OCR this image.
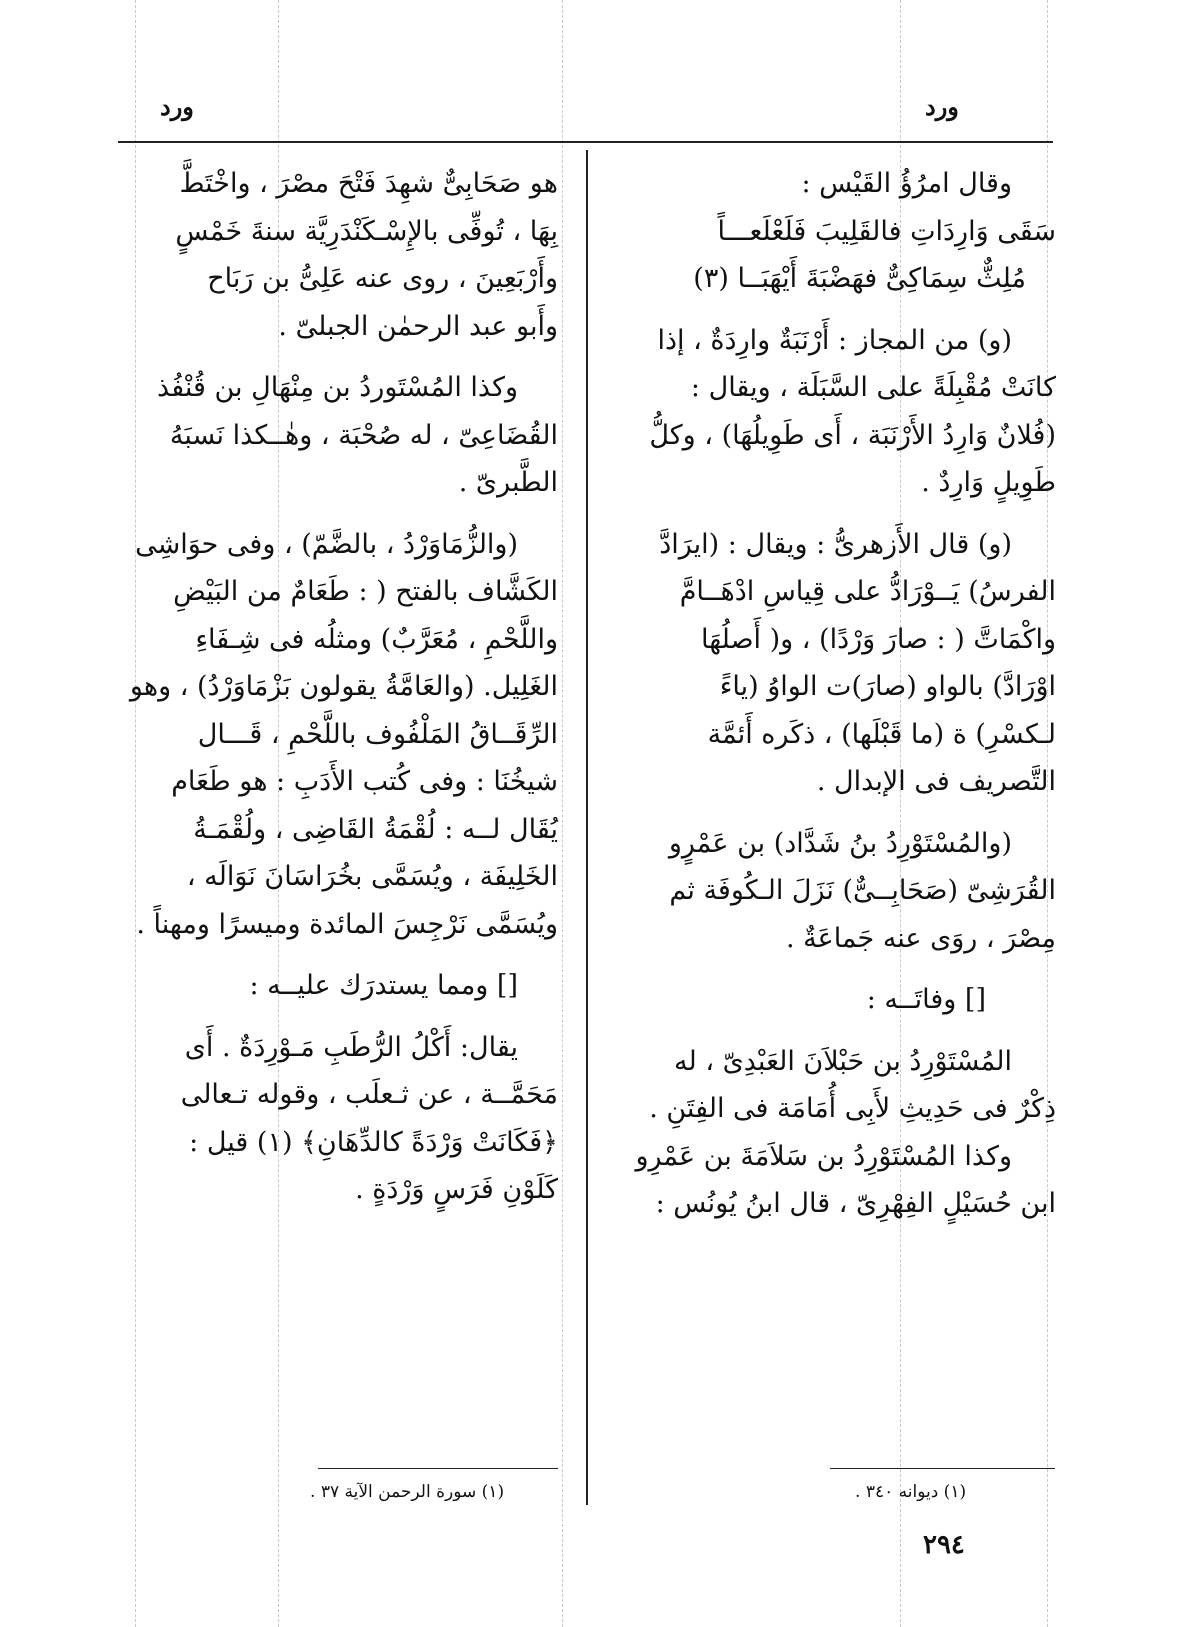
ورد
ورد

وقال امرُؤُ القَيْس :

سَقَى وَارِدَاتِ فالقَلِيبَ فَلَعْلَعـــاً

مُلِثٌّ سِمَاكِىٌّ فهَضْبَةَ أَيْهَبَــا (٣)

(و) من المجاز : أَرْنَبَةٌ وارِدَةٌ ، إذا

كانَتْ مُقْبِلَةً على السَّبَلَة ، ويقال :

(فُلانٌ وَارِدُ الأَرْنَبَة ، أَى طَوِيلُهَا) ، وكلُّ

طَوِيلٍ وَارِدٌ .

(و) قال الأَزهرىُّ : ويقال : (ايرَادَّ

الفرسُ) يَــوْرَادُّ على قِياسِ ادْهَــامَّ

واكْمَاتَّ ( : صارَ وَرْدًا) ، و( أَصلُهَا

اوْرَادَّ) بالواو (صارَ)ت الواوُ (ياءً

لـكسْرِ) ة (ما قَبْلَها) ، ذكَره أَئمَّة

التَّصريف فى الإبدال .

(والمُسْتَوْرِدُ بنُ شَدَّاد) بن عَمْرٍو

القُرَشِىّ (صَحَابِــىٌّ) نَزَلَ الـكُوفَة ثم

مِصْرَ ، روَى عنه جَماعَةٌ .

[] وفاتَــه :

المُسْتَوْرِدُ بن حَبْلاَنَ العَبْدِىّ ، له

ذِكْرٌ فى حَدِيثِ لأَبِى أُمَامَة فى الفِتَنِ .

وكذا المُسْتَوْرِدُ بن سَلاَمَةَ بن عَمْرِو

ابن حُسَيْلٍ الفِهْرِىّ ، قال ابنُ يُونُس :

هو صَحَابِىٌّ شهِدَ فَتْحَ مصْرَ ، واخْتَطَّ

بِهَا ، تُوفِّى بالإِسْـكَنْدَرِيَّة سنةَ خَمْسٍ

وأَرْبَعِينَ ، روى عنه عَلِىُّ بن رَبَاح

وأَبو عبد الرحمٰن الجبلىّ .

وكذا المُسْتَوردُ بن مِنْهَالِ بن قُنْفُذ

القُضَاعِىّ ، له صُحْبَة ، وهٰــكذا نَسبَهُ

الطَّبرىّ .

(والزُّمَاوَرْدُ ، بالضَّمّ) ، وفى حوَاشِى

الكَشَّاف بالفتح ( : طَعَامٌ من البَيْضِ

واللَّحْمِ ، مُعَرَّبٌ) ومثلُه فى شِـفَاءِ

الغَلِيل. (والعَامَّةُ يقولون بَزْمَاوَرْدُ) ، وهو

الرِّقَــاقُ المَلْفُوف باللَّحْمِ ، قَـــال

شيخُنَا : وفى كُتب الأَدَبِ : هو طَعَام

يُقَال لــه : لُقْمَةُ القَاضِى ، ولُقْمَـةُ

الخَلِيفَة ، ويُسَمَّى بخُرَاسَانَ نَوَالَه ،

ويُسَمَّى نَرْجِسَ المائدة وميسرًا ومهناً .

[] ومما يستدرَك عليــه :

يقال: أَكْلُ الرُّطَبِ مَـوْرِدَةٌ . أَى

مَحَمَّــة ، عن ثـعلَب ، وقوله تـعالى

﴿فَكَانَتْ وَرْدَةً كالدِّهَانِ﴾ (١) قيل :

كَلَوْنِ فَرَسٍ وَرْدَةٍ .

(١) ديوانه ٣٤٠ .
(١) سورة الرحمن الآية ٣٧ .
٢٩٤
